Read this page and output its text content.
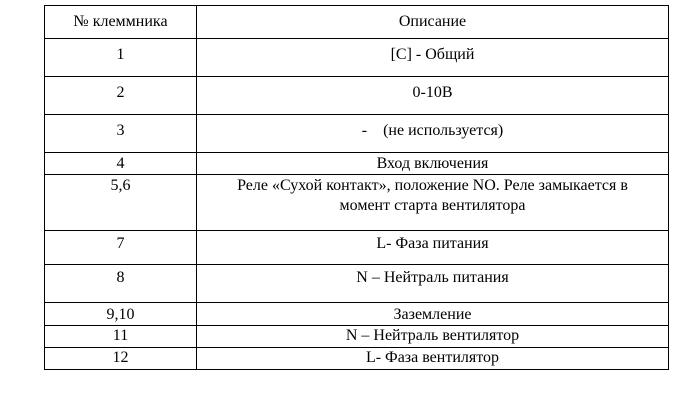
№ клеммника	Описание
1	[C] - Общий
2	0-10В
3	-    (не используется)
4	Вход включения
5,6	Реле «Сухой контакт», положение NO. Реле замыкается в момент старта вентилятора
7	L- Фаза питания
8	N – Нейтраль питания
9,10	Заземление
11	N – Нейтраль вентилятор
12	L- Фаза вентилятор
